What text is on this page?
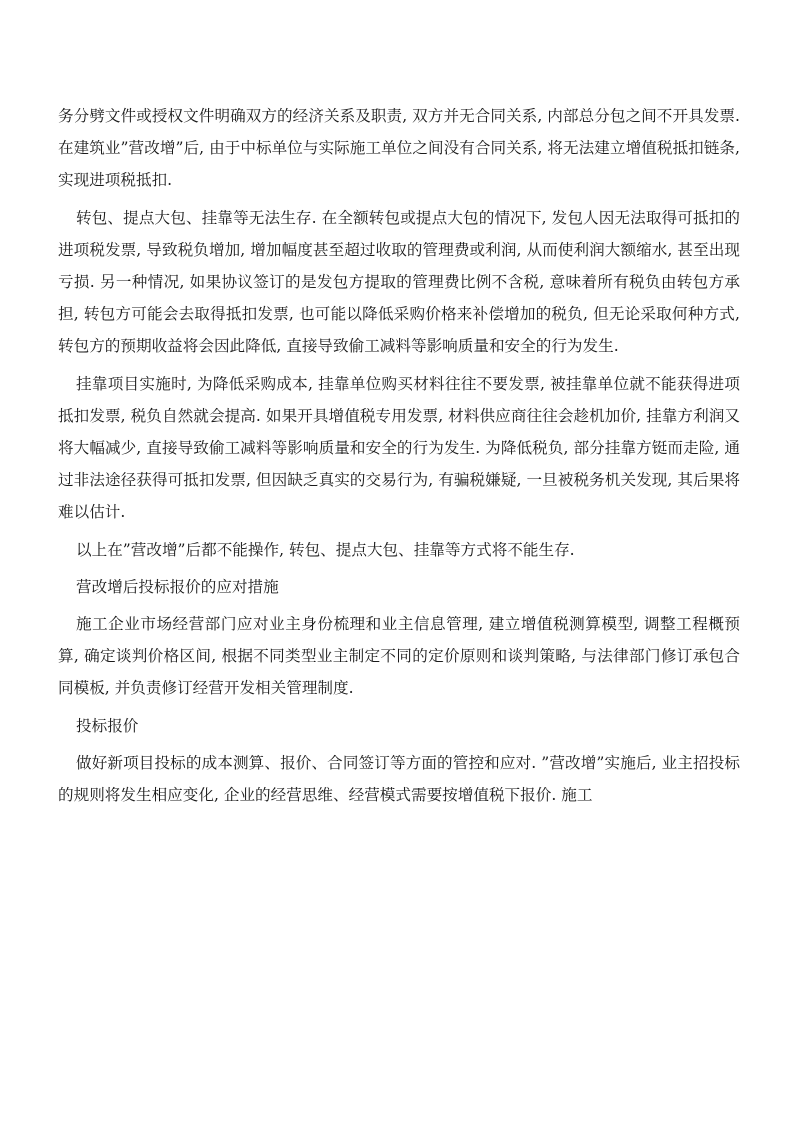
务分劈文件或授权文件明确双方的经济关系及职责, 双方并无合同关系, 内部总分包之间不开具发票. 在建筑业”营改增”后, 由于中标单位与实际施工单位之间没有合同关系, 将无法建立增值税抵扣链条, 实现进项税抵扣.

转包、提点大包、挂靠等无法生存. 在全额转包或提点大包的情况下, 发包人因无法取得可抵扣的进项税发票, 导致税负增加, 增加幅度甚至超过收取的管理费或利润, 从而使利润大额缩水, 甚至出现亏损. 另一种情况, 如果协议签订的是发包方提取的管理费比例不含税, 意味着所有税负由转包方承担, 转包方可能会去取得抵扣发票, 也可能以降低采购价格来补偿增加的税负, 但无论采取何种方式, 转包方的预期收益将会因此降低, 直接导致偷工减料等影响质量和安全的行为发生.

挂靠项目实施时, 为降低采购成本, 挂靠单位购买材料往往不要发票, 被挂靠单位就不能获得进项抵扣发票, 税负自然就会提高. 如果开具增值税专用发票, 材料供应商往往会趁机加价, 挂靠方利润又将大幅减少, 直接导致偷工减料等影响质量和安全的行为发生. 为降低税负, 部分挂靠方铤而走险, 通过非法途径获得可抵扣发票, 但因缺乏真实的交易行为, 有骗税嫌疑, 一旦被税务机关发现, 其后果将难以估计.

以上在”营改增”后都不能操作, 转包、提点大包、挂靠等方式将不能生存.

营改增后投标报价的应对措施

施工企业市场经营部门应对业主身份梳理和业主信息管理, 建立增值税测算模型, 调整工程概预算, 确定谈判价格区间, 根据不同类型业主制定不同的定价原则和谈判策略, 与法律部门修订承包合同模板, 并负责修订经营开发相关管理制度.

投标报价

做好新项目投标的成本测算、报价、合同签订等方面的管控和应对. ”营改增”实施后, 业主招投标的规则将发生相应变化, 企业的经营思维、经营模式需要按增值税下报价. 施工
